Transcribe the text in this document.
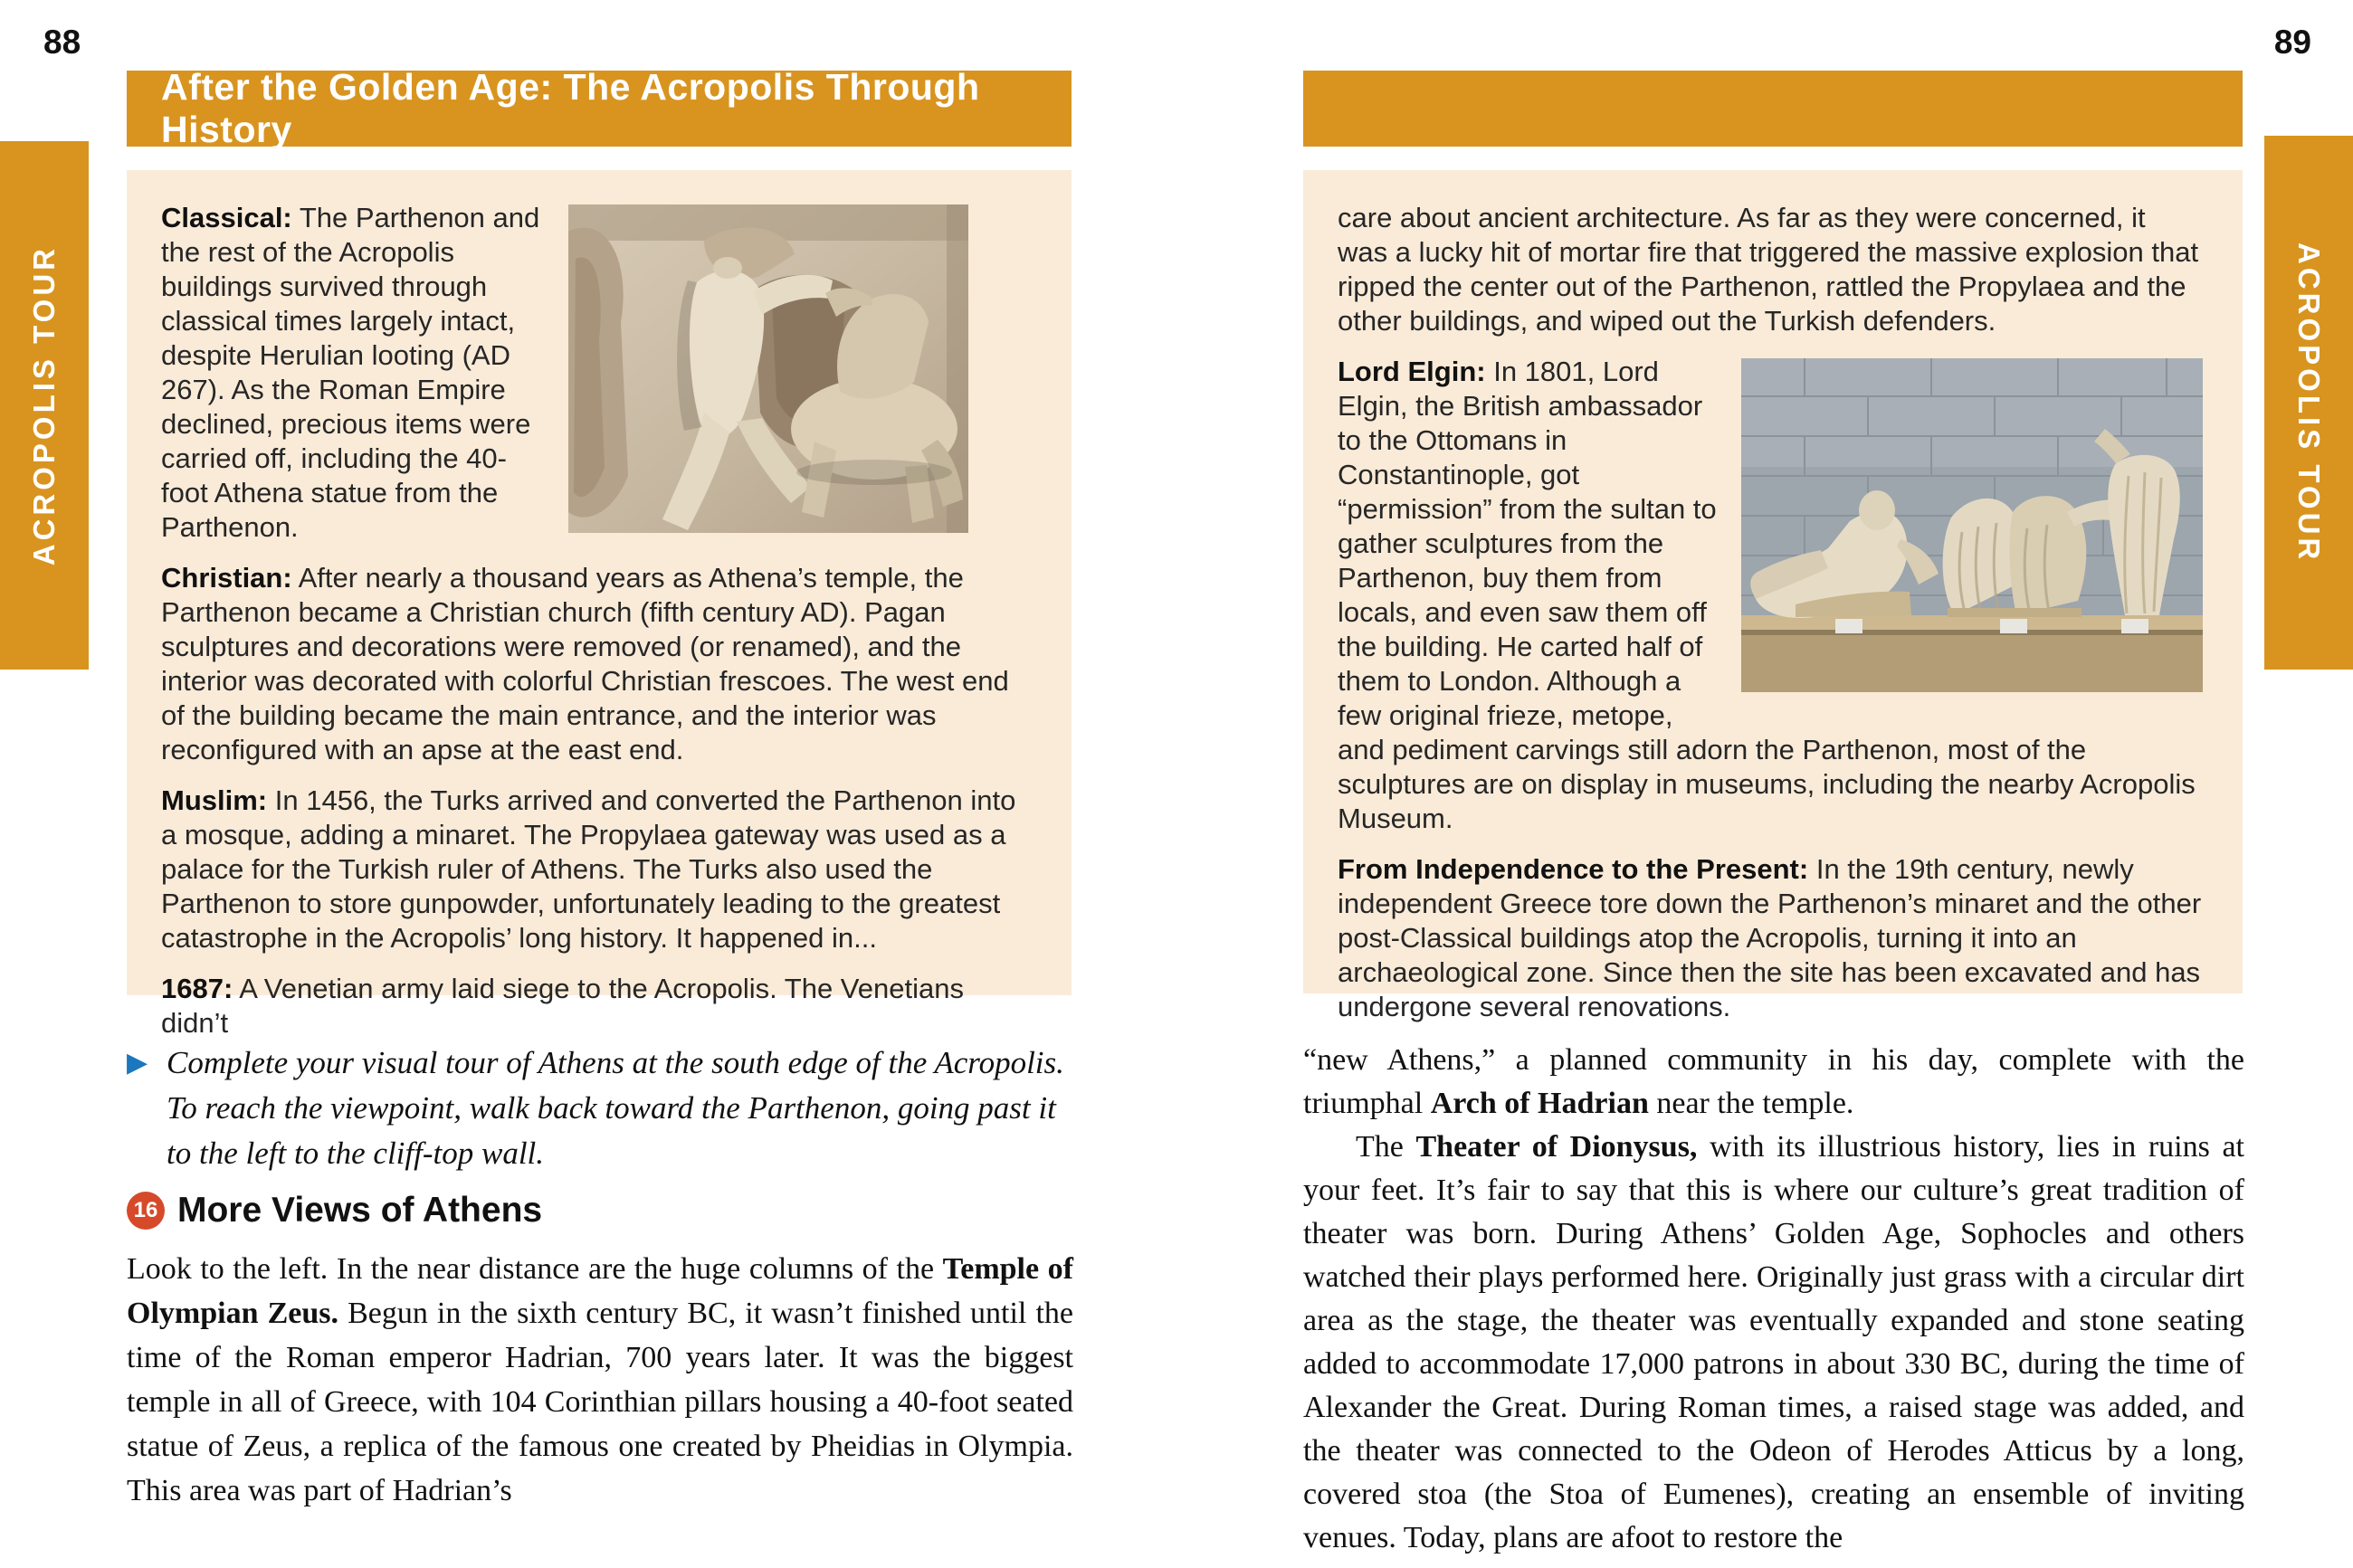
88	89
ACROPOLIS TOUR	ACROPOLIS TOUR
After the Golden Age: The Acropolis Through History

Classical: The Parthenon and the rest of the Acropolis buildings survived through classical times largely intact, despite Herulian looting (AD 267). As the Roman Empire declined, precious items were carried off, including the 40-foot Athena statue from the Parthenon.

Christian: After nearly a thousand years as Athena’s temple, the Parthenon became a Christian church (fifth century AD). Pagan sculptures and decorations were removed (or renamed), and the interior was decorated with colorful Christian frescoes. The west end of the building became the main entrance, and the interior was reconfigured with an apse at the east end.

Muslim: In 1456, the Turks arrived and converted the Parthenon into a mosque, adding a minaret. The Propylaea gateway was used as a palace for the Turkish ruler of Athens. The Turks also used the Parthenon to store gunpowder, unfortunately leading to the greatest catastrophe in the Acropolis’ long history. It happened in...

1687: A Venetian army laid siege to the Acropolis. The Venetians didn’t

care about ancient architecture. As far as they were concerned, it was a lucky hit of mortar fire that triggered the massive explosion that ripped the center out of the Parthenon, rattled the Propylaea and the other buildings, and wiped out the Turkish defenders.

Lord Elgin: In 1801, Lord Elgin, the British ambassador to the Ottomans in Constantinople, got “permission” from the sultan to gather sculptures from the Parthenon, buy them from locals, and even saw them off the building. He carted half of them to London. Although a few original frieze, metope, and pediment carvings still adorn the Parthenon, most of the sculptures are on display in museums, including the nearby Acropolis Museum.

From Independence to the Present: In the 19th century, newly independent Greece tore down the Parthenon’s minaret and the other post-Classical buildings atop the Acropolis, turning it into an archaeological zone. Since then the site has been excavated and has undergone several renovations.

▶ Complete your visual tour of Athens at the south edge of the Acropolis. To reach the viewpoint, walk back toward the Parthenon, going past it to the left to the cliff-top wall.
16 More Views of Athens

Look to the left. In the near distance are the huge columns of the Temple of Olympian Zeus. Begun in the sixth century BC, it wasn’t finished until the time of the Roman emperor Hadrian, 700 years later. It was the biggest temple in all of Greece, with 104 Corinthian pillars housing a 40-foot seated statue of Zeus, a replica of the famous one created by Pheidias in Olympia. This area was part of Hadrian’s

“new Athens,” a planned community in his day, complete with the triumphal Arch of Hadrian near the temple.

The Theater of Dionysus, with its illustrious history, lies in ruins at your feet. It’s fair to say that this is where our culture’s great tradition of theater was born. During Athens’ Golden Age, Sophocles and others watched their plays performed here. Originally just grass with a circular dirt area as the stage, the theater was eventually expanded and stone seating added to accommodate 17,000 patrons in about 330 BC, during the time of Alexander the Great. During Roman times, a raised stage was added, and the theater was connected to the Odeon of Herodes Atticus by a long, covered stoa (the Stoa of Eumenes), creating an ensemble of inviting venues. Today, plans are afoot to restore the
